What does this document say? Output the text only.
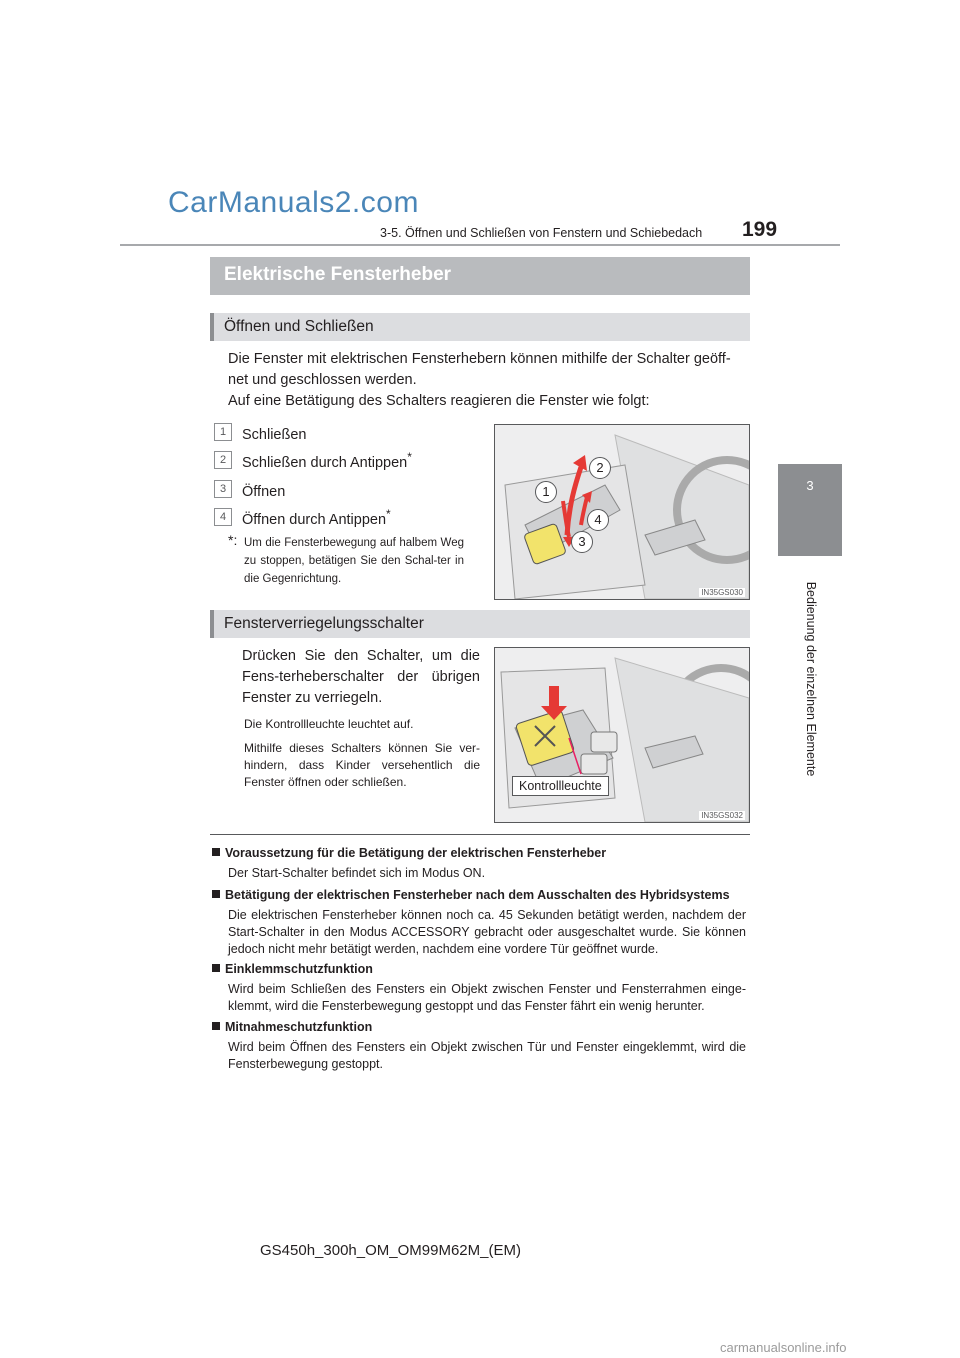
CarManuals2.com
3-5. Öffnen und Schließen von Fenstern und Schiebedach 199
3
Bedienung der einzelnen Elemente
Elektrische Fensterheber
Öffnen und Schließen
Die Fenster mit elektrischen Fensterhebern können mithilfe der Schalter geöff-
net und geschlossen werden.
Auf eine Betätigung des Schalters reagieren die Fenster wie folgt:
1	Schließen
2	Schließen durch Antippen*
3	Öffnen
4	Öffnen durch Antippen*
*: Um die Fensterbewegung auf halbem Weg zu stoppen, betätigen Sie den Schal-ter in die Gegenrichtung.
1
2
3
4
IN35GS030
Fensterverriegelungsschalter
Drücken Sie den Schalter, um die Fens-terheberschalter der übrigen Fenster zu verriegeln.
Die Kontrollleuchte leuchtet auf.
Mithilfe dieses Schalters können Sie ver-hindern, dass Kinder versehentlich die Fenster öffnen oder schließen.
IN35GS032
Kontrollleuchte
Voraussetzung für die Betätigung der elektrischen Fensterheber
Der Start-Schalter befindet sich im Modus ON.
Betätigung der elektrischen Fensterheber nach dem Ausschalten des Hybridsystems
Die elektrischen Fensterheber können noch ca. 45 Sekunden betätigt werden, nachdem der Start-Schalter in den Modus ACCESSORY gebracht oder ausgeschaltet wurde. Sie können jedoch nicht mehr betätigt werden, nachdem eine vordere Tür geöffnet wurde.
Einklemmschutzfunktion
Wird beim Schließen des Fensters ein Objekt zwischen Fenster und Fensterrahmen einge-klemmt, wird die Fensterbewegung gestoppt und das Fenster fährt ein wenig herunter.
Mitnahmeschutzfunktion
Wird beim Öffnen des Fensters ein Objekt zwischen Tür und Fenster eingeklemmt, wird die Fensterbewegung gestoppt.
GS450h_300h_OM_OM99M62M_(EM)
carmanualsonline.info
